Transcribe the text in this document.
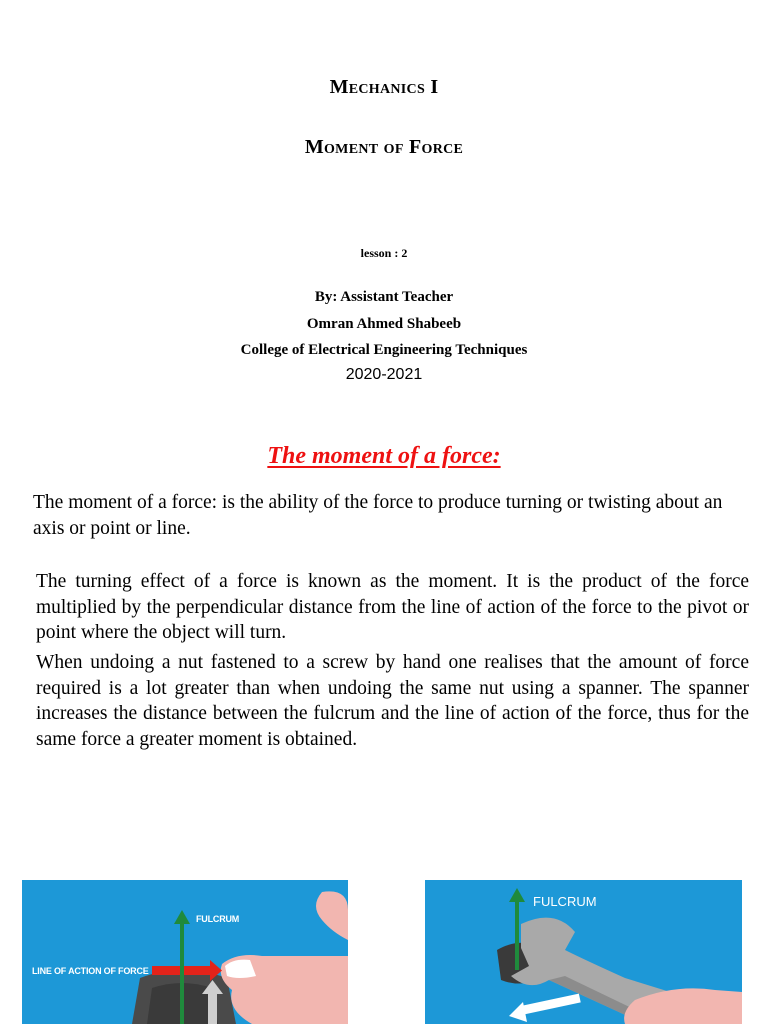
Mechanics I
Moment of Force
lesson : 2
By: Assistant Teacher
Omran Ahmed Shabeeb
College of Electrical Engineering Techniques
2020-2021
The moment of a force:
The moment of a force: is the ability of the force to produce turning or twisting about an axis or point or line.
The turning effect of a force is known as the moment. It is the product of the force multiplied by the perpendicular distance from the line of action of the force to the pivot or point where the object will turn.
When undoing a nut fastened to a screw by hand one realises that the amount of force required is a lot greater than when undoing the same nut using a spanner. The spanner increases the distance between the fulcrum and the line of action of the force, thus for the same force a greater moment is obtained.
FULCRUM
LINE OF ACTION OF FORCE
FULCRUM
